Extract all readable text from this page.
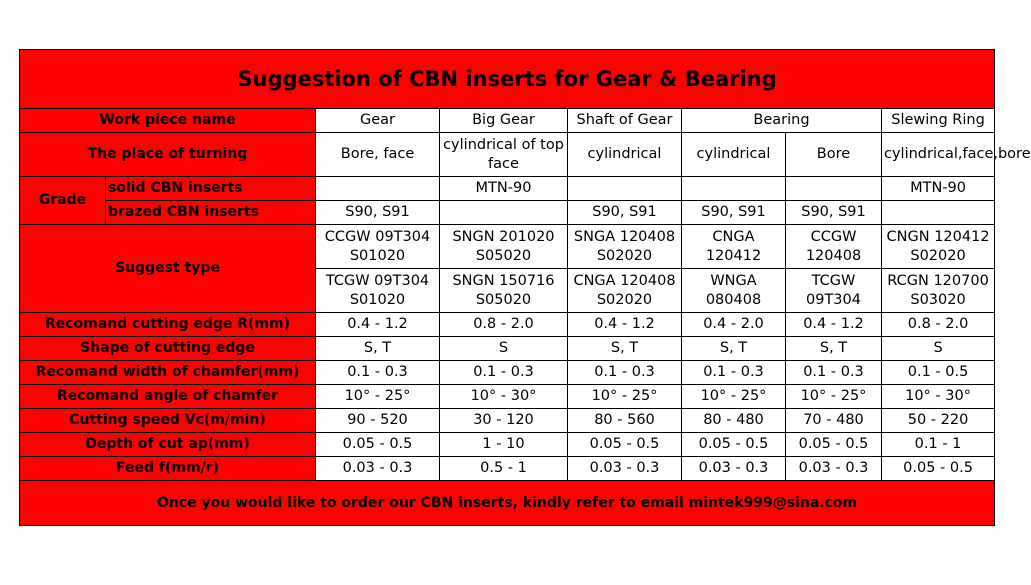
Suggestion of CBN inserts for Gear & Bearing							
Work piece name		Gear	Big Gear	Shaft of Gear	Bearing		Slewing Ring
The place of turning		Bore, face	cylindrical of top face	cylindrical	cylindrical	Bore	cylindrical,face,bore
Grade	solid CBN inserts		MTN-90				MTN-90
	brazed CBN inserts	S90, S91		S90, S91	S90, S91	S90, S91	
Suggest type		CCGW 09T304 S01020	SNGN 201020 S05020	SNGA 120408 S02020	CNGA 120412	CCGW 120408	CNGN 120412 S02020
		TCGW 09T304 S01020	SNGN 150716 S05020	CNGA 120408 S02020	WNGA 080408	TCGW 09T304	RCGN 120700 S03020
Recomand cutting edge R(mm)		0.4 - 1.2	0.8 - 2.0	0.4 - 1.2	0.4 - 2.0	0.4 - 1.2	0.8 - 2.0
Shape of cutting edge		S, T	S	S, T	S, T	S, T	S
Recomand width of chamfer(mm)		0.1 - 0.3	0.1 - 0.3	0.1 - 0.3	0.1 - 0.3	0.1 - 0.3	0.1 - 0.5
Recomand angle of chamfer		10° - 25°	10° - 30°	10° - 25°	10° - 25°	10° - 25°	10° - 30°
Cutting speed Vc(m/min)		90 - 520	30 - 120	80 - 560	80 - 480	70 - 480	50 - 220
Depth of cut ap(mm)		0.05 - 0.5	1 - 10	0.05 - 0.5	0.05 - 0.5	0.05 - 0.5	0.1 - 1
Feed f(mm/r)		0.03 - 0.3	0.5 - 1	0.03 - 0.3	0.03 - 0.3	0.03 - 0.3	0.05 - 0.5
Once you would like to order our CBN inserts, kindly refer to email mintek999@sina.com							
